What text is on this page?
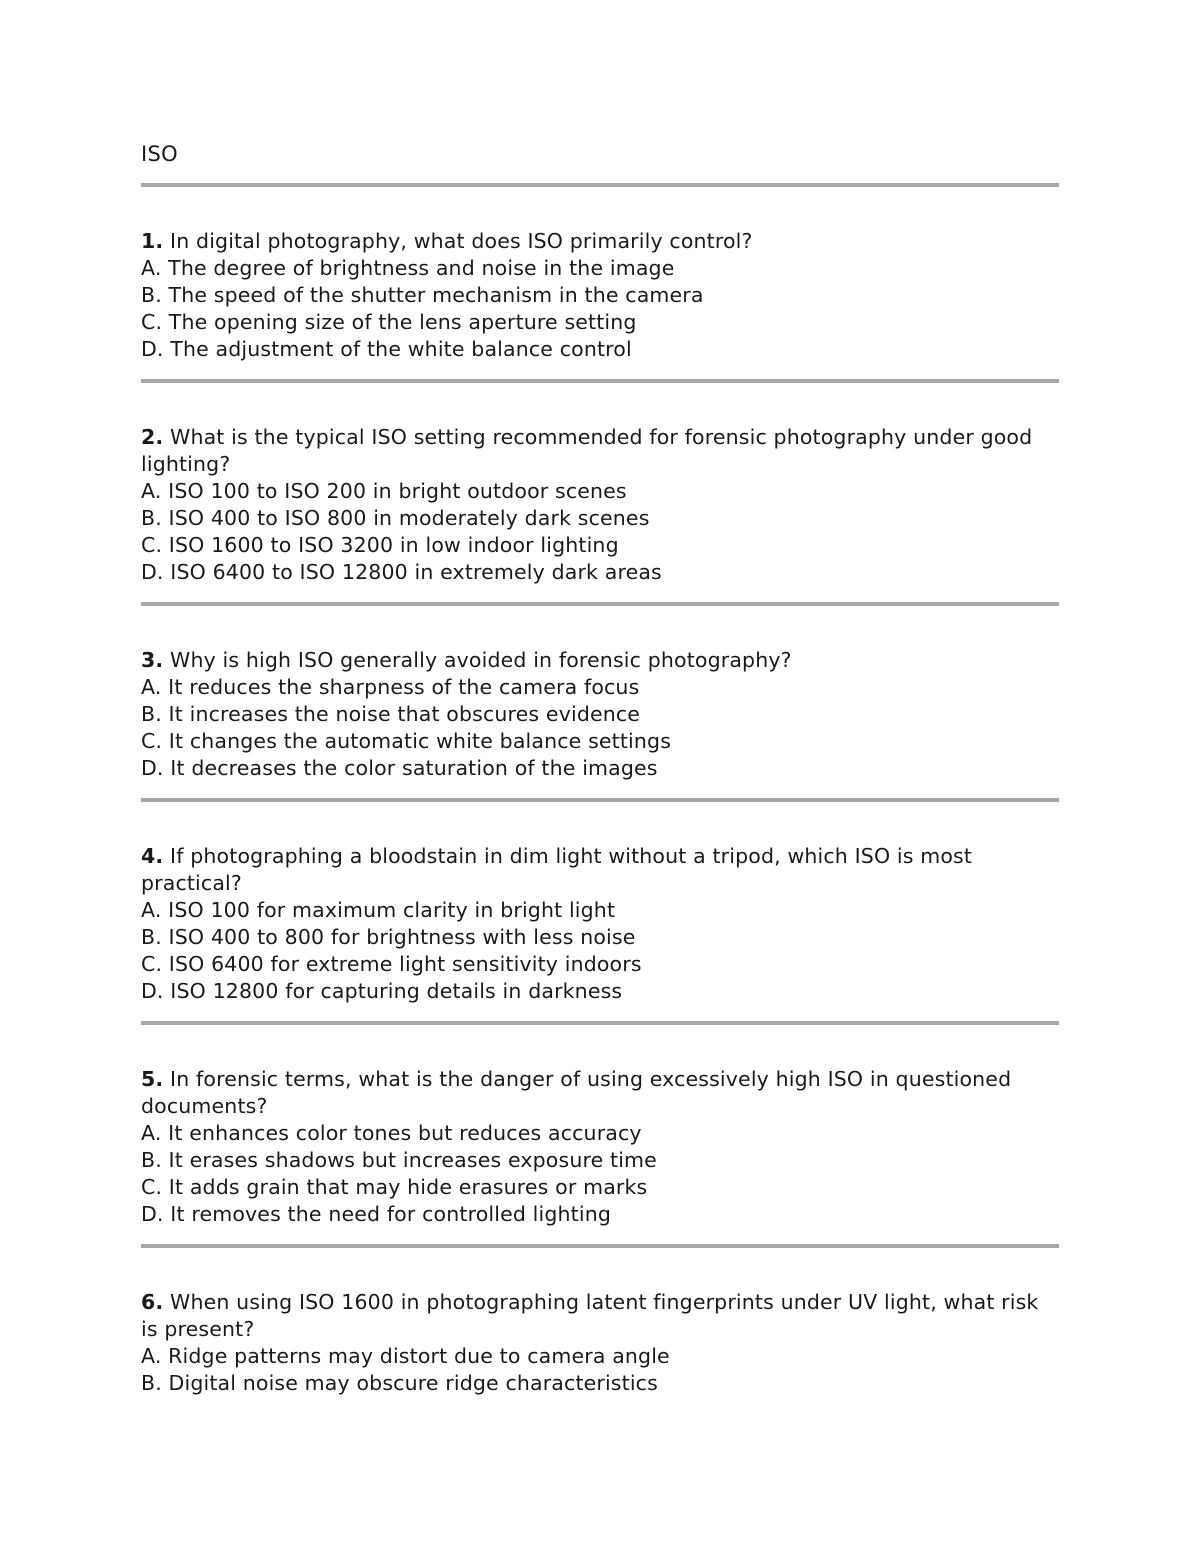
ISO
1. In digital photography, what does ISO primarily control?
A. The degree of brightness and noise in the image
B. The speed of the shutter mechanism in the camera
C. The opening size of the lens aperture setting
D. The adjustment of the white balance control
2. What is the typical ISO setting recommended for forensic photography under good lighting?
A. ISO 100 to ISO 200 in bright outdoor scenes
B. ISO 400 to ISO 800 in moderately dark scenes
C. ISO 1600 to ISO 3200 in low indoor lighting
D. ISO 6400 to ISO 12800 in extremely dark areas
3. Why is high ISO generally avoided in forensic photography?
A. It reduces the sharpness of the camera focus
B. It increases the noise that obscures evidence
C. It changes the automatic white balance settings
D. It decreases the color saturation of the images
4. If photographing a bloodstain in dim light without a tripod, which ISO is most practical?
A. ISO 100 for maximum clarity in bright light
B. ISO 400 to 800 for brightness with less noise
C. ISO 6400 for extreme light sensitivity indoors
D. ISO 12800 for capturing details in darkness
5. In forensic terms, what is the danger of using excessively high ISO in questioned documents?
A. It enhances color tones but reduces accuracy
B. It erases shadows but increases exposure time
C. It adds grain that may hide erasures or marks
D. It removes the need for controlled lighting
6. When using ISO 1600 in photographing latent fingerprints under UV light, what risk is present?
A. Ridge patterns may distort due to camera angle
B. Digital noise may obscure ridge characteristics
